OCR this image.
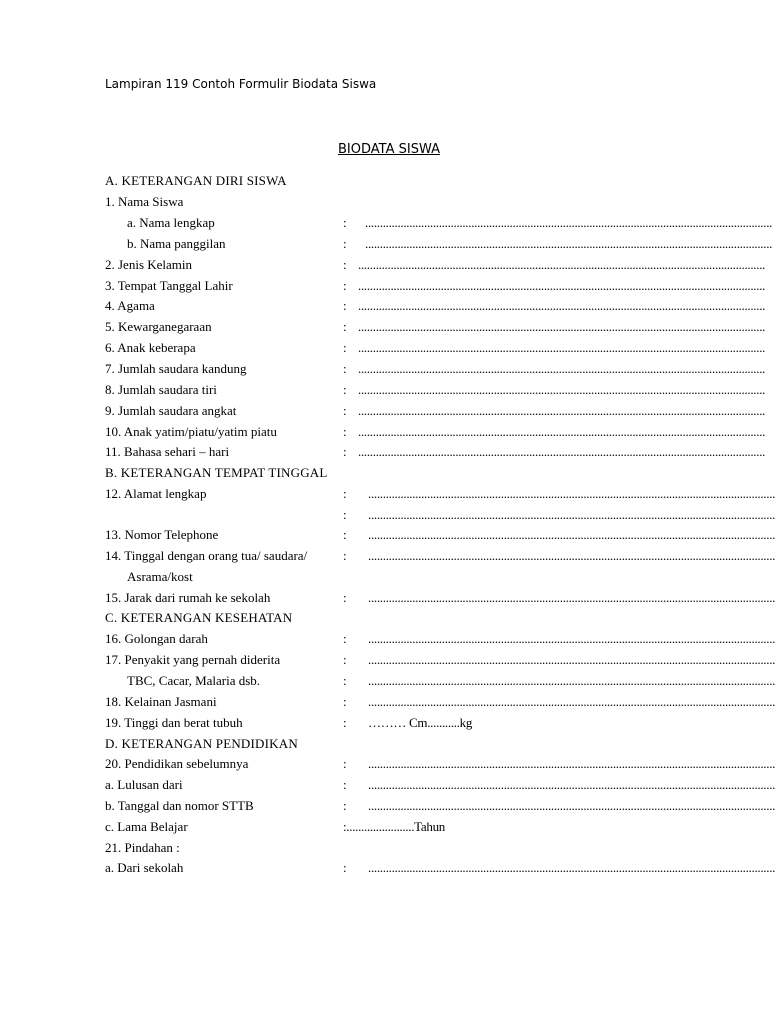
Lampiran 119 Contoh Formulir Biodata Siswa
BIODATA SISWA
A. KETERANGAN DIRI SISWA
1. Nama Siswa
a. Nama lengkap	: ..........................................................................................................................................
b. Nama panggilan	: ..........................................................................................................................................
2. Jenis Kelamin	: ..........................................................................................................................................
3. Tempat Tanggal Lahir	: ..........................................................................................................................................
4. Agama	: ..........................................................................................................................................
5. Kewarganegaraan	: ..........................................................................................................................................
6. Anak keberapa	: ..........................................................................................................................................
7. Jumlah saudara kandung	: ..........................................................................................................................................
8. Jumlah saudara tiri	: ..........................................................................................................................................
9. Jumlah saudara angkat	: ..........................................................................................................................................
10. Anak yatim/piatu/yatim piatu	: ..........................................................................................................................................
11. Bahasa sehari – hari	: ..........................................................................................................................................
B. KETERANGAN TEMPAT TINGGAL
12. Alamat lengkap	: ..........................................................................................................................................
: ..........................................................................................................................................
13. Nomor Telephone	: ..........................................................................................................................................
14. Tinggal dengan orang tua/ saudara/	: ..........................................................................................................................................
Asrama/kost
15. Jarak dari rumah ke sekolah	: ..........................................................................................................................................
C. KETERANGAN KESEHATAN
16. Golongan darah	: ..........................................................................................................................................
17. Penyakit yang pernah diderita	: ..........................................................................................................................................
TBC, Cacar, Malaria dsb.	: ..........................................................................................................................................
18. Kelainan Jasmani	: ..........................................................................................................................................
19. Tinggi dan berat tubuh	: ……… Cm...........kg
D. KETERANGAN PENDIDIKAN
20. Pendidikan sebelumnya	: ..........................................................................................................................................
a. Lulusan dari	: ..........................................................................................................................................
b. Tanggal dan nomor STTB	: ..........................................................................................................................................
c. Lama Belajar	:.......................Tahun
21. Pindahan :
a. Dari sekolah	: ..........................................................................................................................................
